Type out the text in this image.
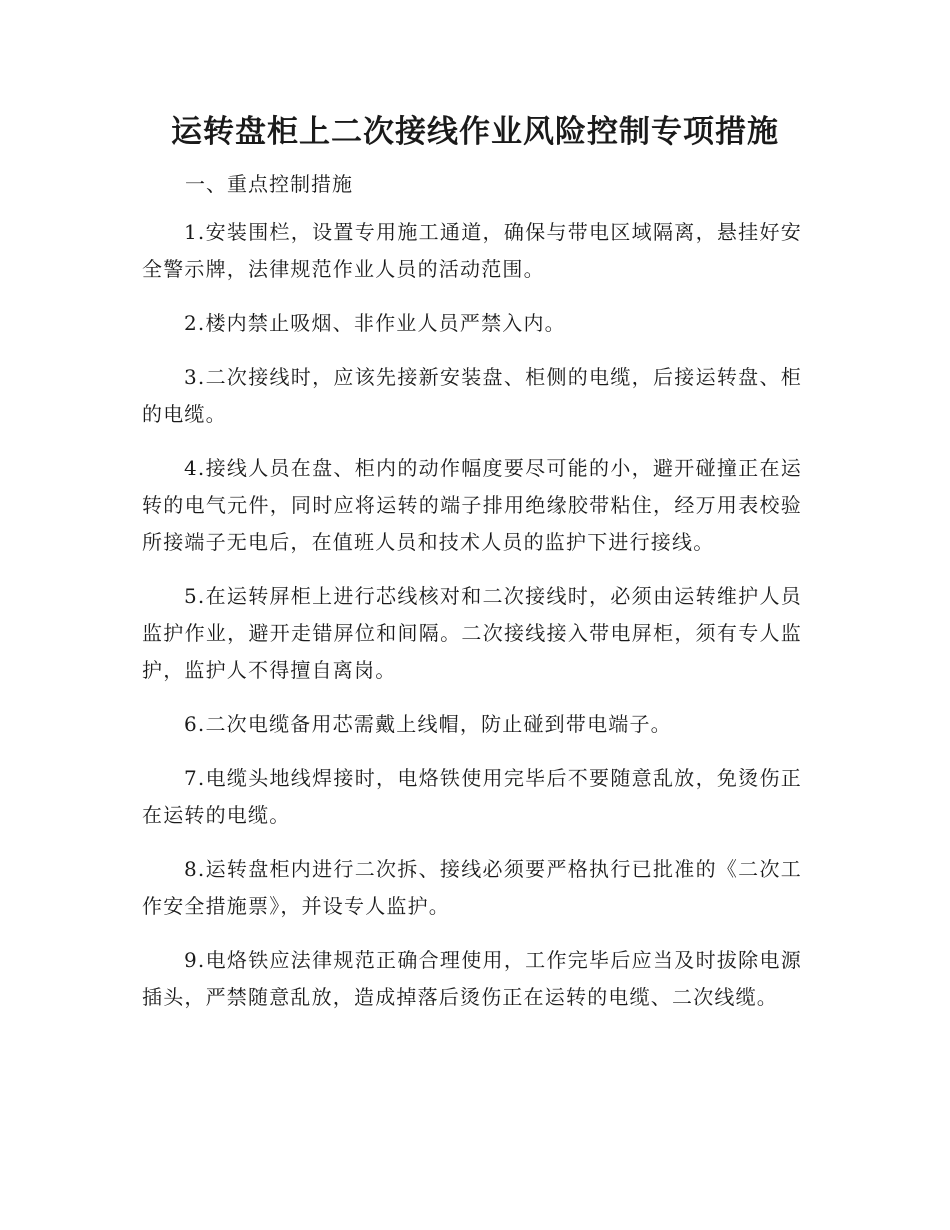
运转盘柜上二次接线作业风险控制专项措施

一、重点控制措施

1.安装围栏，设置专用施工通道，确保与带电区域隔离，悬挂好安全警示牌，法律规范作业人员的活动范围。

2.楼内禁止吸烟、非作业人员严禁入内。

3.二次接线时，应该先接新安装盘、柜侧的电缆，后接运转盘、柜的电缆。

4.接线人员在盘、柜内的动作幅度要尽可能的小，避开碰撞正在运转的电气元件，同时应将运转的端子排用绝缘胶带粘住，经万用表校验所接端子无电后，在值班人员和技术人员的监护下进行接线。

5.在运转屏柜上进行芯线核对和二次接线时，必须由运转维护人员监护作业，避开走错屏位和间隔。二次接线接入带电屏柜，须有专人监护，监护人不得擅自离岗。

6.二次电缆备用芯需戴上线帽，防止碰到带电端子。

7.电缆头地线焊接时，电烙铁使用完毕后不要随意乱放，免烫伤正在运转的电缆。

8.运转盘柜内进行二次拆、接线必须要严格执行已批准的《二次工作安全措施票》，并设专人监护。

9.电烙铁应法律规范正确合理使用，工作完毕后应当及时拔除电源插头，严禁随意乱放，造成掉落后烫伤正在运转的电缆、二次线缆。
